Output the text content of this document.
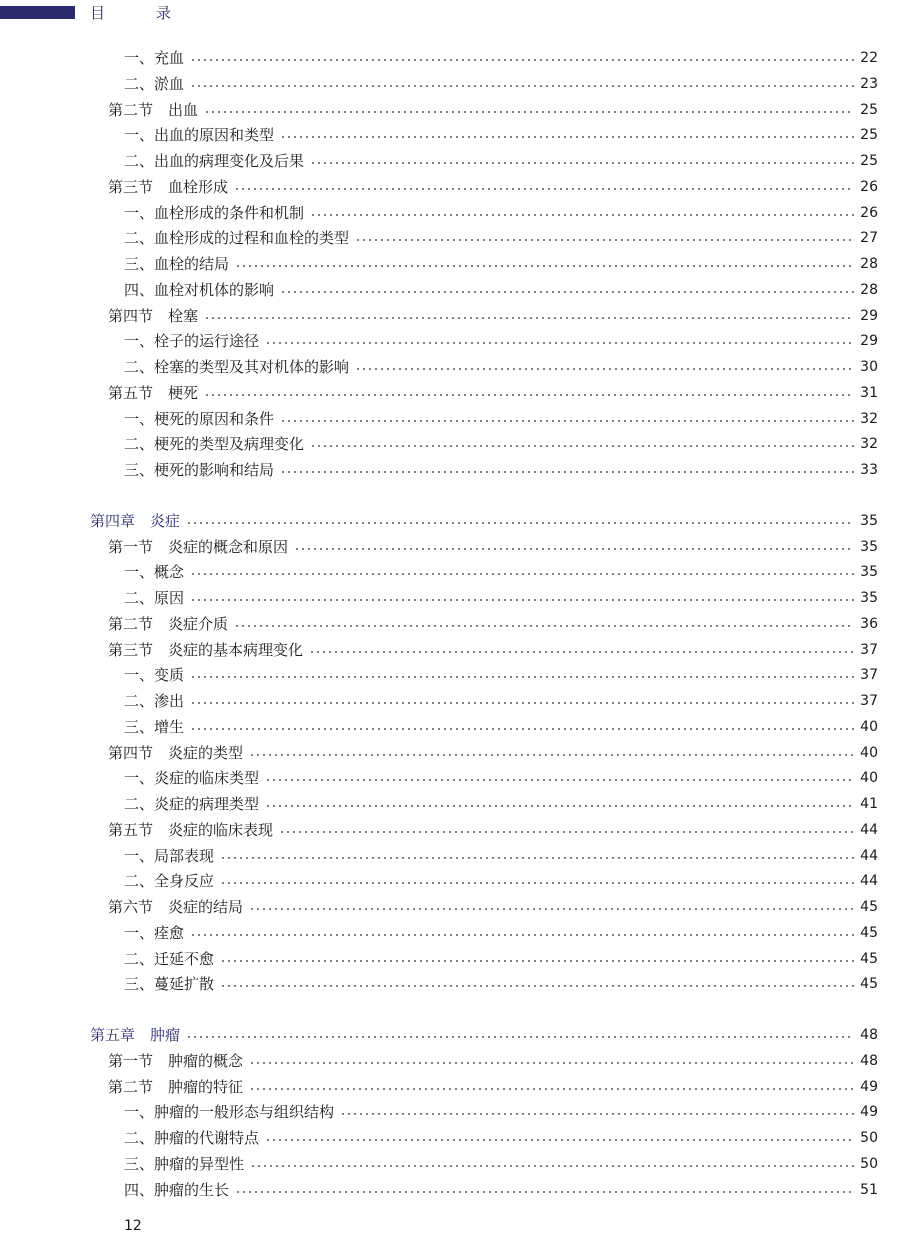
目　录
一、充血	22
二、淤血	23
第二节　出血	25
一、出血的原因和类型	25
二、出血的病理变化及后果	25
第三节　血栓形成	26
一、血栓形成的条件和机制	26
二、血栓形成的过程和血栓的类型	27
三、血栓的结局	28
四、血栓对机体的影响	28
第四节　栓塞	29
一、栓子的运行途径	29
二、栓塞的类型及其对机体的影响	30
第五节　梗死	31
一、梗死的原因和条件	32
二、梗死的类型及病理变化	32
三、梗死的影响和结局	33
第四章　炎症	35
第一节　炎症的概念和原因	35
一、概念	35
二、原因	35
第二节　炎症介质	36
第三节　炎症的基本病理变化	37
一、变质	37
二、渗出	37
三、增生	40
第四节　炎症的类型	40
一、炎症的临床类型	40
二、炎症的病理类型	41
第五节　炎症的临床表现	44
一、局部表现	44
二、全身反应	44
第六节　炎症的结局	45
一、痊愈	45
二、迁延不愈	45
三、蔓延扩散	45
第五章　肿瘤	48
第一节　肿瘤的概念	48
第二节　肿瘤的特征	49
一、肿瘤的一般形态与组织结构	49
二、肿瘤的代谢特点	50
三、肿瘤的异型性	50
四、肿瘤的生长	51
12
